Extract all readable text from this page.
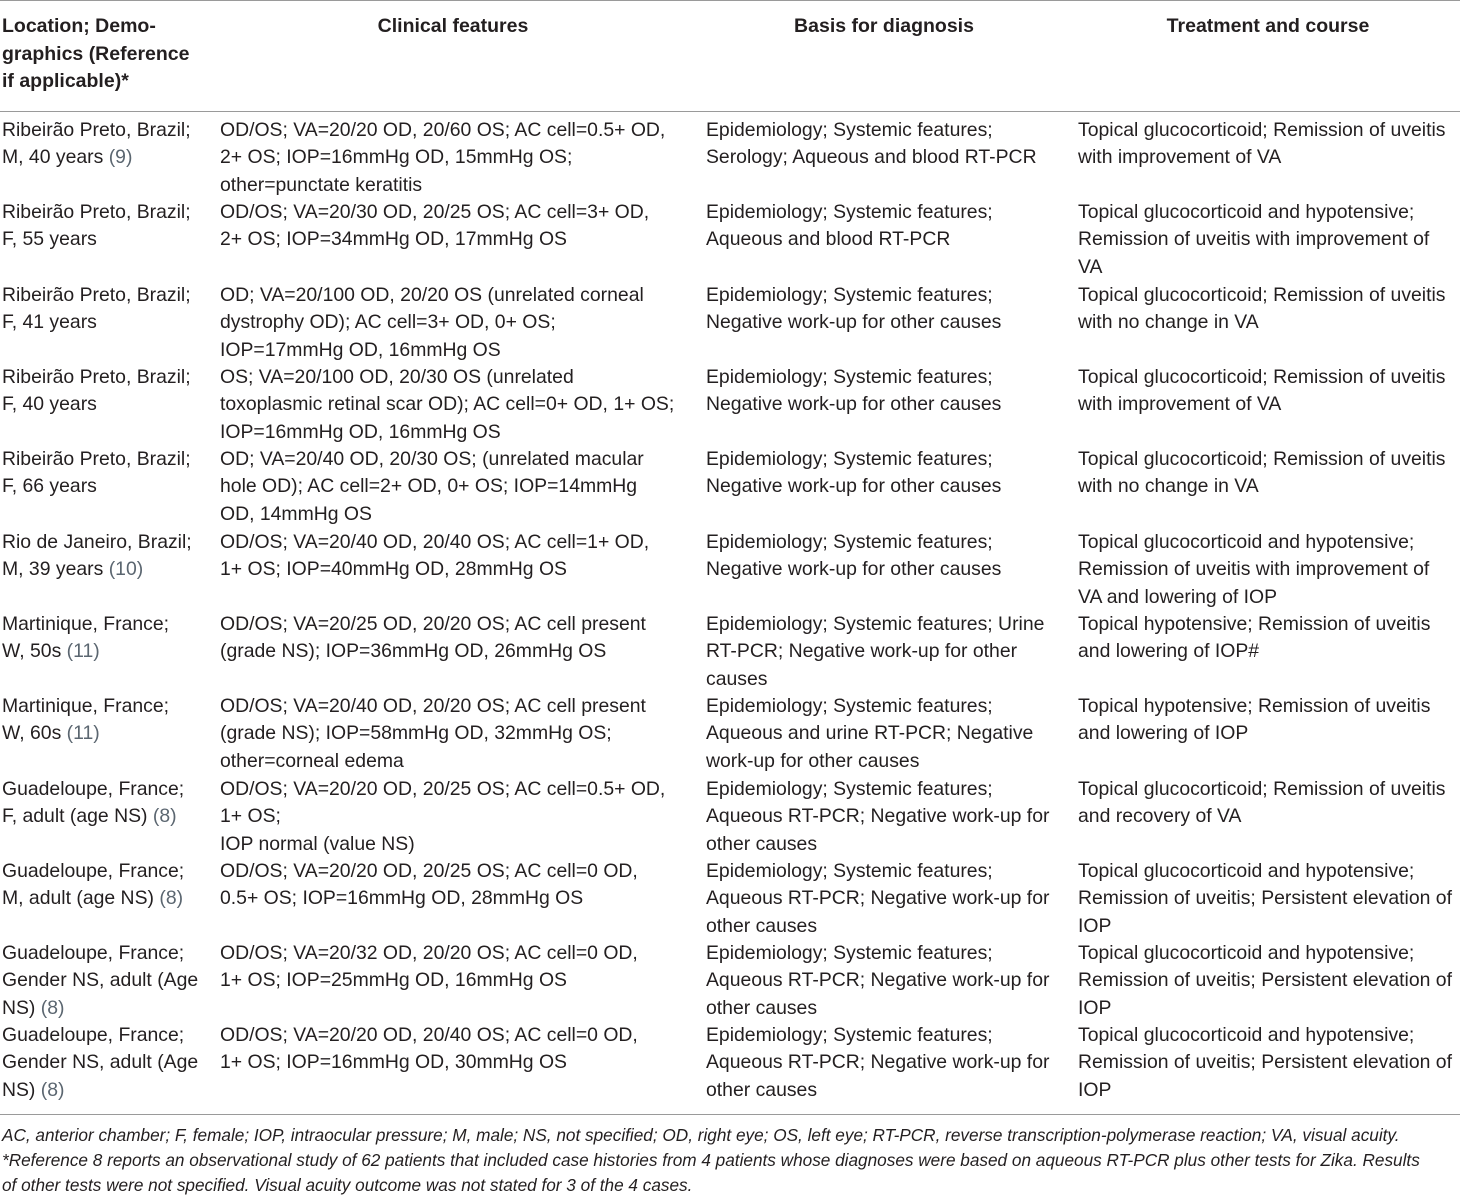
Location; Demo-
graphics (Reference
if applicable)*
Clinical features	Basis for diagnosis	Treatment and course
Ribeirão Preto, Brazil;
M, 40 years (9)
OD/OS; VA=20/20 OD, 20/60 OS; AC cell=0.5+ OD,
2+ OS; IOP=16mmHg OD, 15mmHg OS;
other=punctate keratitis
Epidemiology; Systemic features;
Serology; Aqueous and blood RT-PCR
Topical glucocorticoid; Remission of uveitis
with improvement of VA
Ribeirão Preto, Brazil;
F, 55 years
OD/OS; VA=20/30 OD, 20/25 OS; AC cell=3+ OD,
2+ OS; IOP=34mmHg OD, 17mmHg OS
Epidemiology; Systemic features;
Aqueous and blood RT-PCR
Topical glucocorticoid and hypotensive;
Remission of uveitis with improvement of
VA
Ribeirão Preto, Brazil;
F, 41 years
OD; VA=20/100 OD, 20/20 OS (unrelated corneal
dystrophy OD); AC cell=3+ OD, 0+ OS;
IOP=17mmHg OD, 16mmHg OS
Epidemiology; Systemic features;
Negative work-up for other causes
Topical glucocorticoid; Remission of uveitis
with no change in VA
Ribeirão Preto, Brazil;
F, 40 years
OS; VA=20/100 OD, 20/30 OS (unrelated
toxoplasmic retinal scar OD); AC cell=0+ OD, 1+ OS;
IOP=16mmHg OD, 16mmHg OS
Epidemiology; Systemic features;
Negative work-up for other causes
Topical glucocorticoid; Remission of uveitis
with improvement of VA
Ribeirão Preto, Brazil;
F, 66 years
OD; VA=20/40 OD, 20/30 OS; (unrelated macular
hole OD); AC cell=2+ OD, 0+ OS; IOP=14mmHg
OD, 14mmHg OS
Epidemiology; Systemic features;
Negative work-up for other causes
Topical glucocorticoid; Remission of uveitis
with no change in VA
Rio de Janeiro, Brazil;
M, 39 years (10)
OD/OS; VA=20/40 OD, 20/40 OS; AC cell=1+ OD,
1+ OS; IOP=40mmHg OD, 28mmHg OS
Epidemiology; Systemic features;
Negative work-up for other causes
Topical glucocorticoid and hypotensive;
Remission of uveitis with improvement of
VA and lowering of IOP
Martinique, France;
W, 50s (11)
OD/OS; VA=20/25 OD, 20/20 OS; AC cell present
(grade NS); IOP=36mmHg OD, 26mmHg OS
Epidemiology; Systemic features; Urine
RT-PCR; Negative work-up for other
causes
Topical hypotensive; Remission of uveitis
and lowering of IOP#
Martinique, France;
W, 60s (11)
OD/OS; VA=20/40 OD, 20/20 OS; AC cell present
(grade NS); IOP=58mmHg OD, 32mmHg OS;
other=corneal edema
Epidemiology; Systemic features;
Aqueous and urine RT-PCR; Negative
work-up for other causes
Topical hypotensive; Remission of uveitis
and lowering of IOP
Guadeloupe, France;
F, adult (age NS) (8)
OD/OS; VA=20/20 OD, 20/25 OS; AC cell=0.5+ OD,
1+ OS;
IOP normal (value NS)
Epidemiology; Systemic features;
Aqueous RT-PCR; Negative work-up for
other causes
Topical glucocorticoid; Remission of uveitis
and recovery of VA
Guadeloupe, France;
M, adult (age NS) (8)
OD/OS; VA=20/20 OD, 20/25 OS; AC cell=0 OD,
0.5+ OS; IOP=16mmHg OD, 28mmHg OS
Epidemiology; Systemic features;
Aqueous RT-PCR; Negative work-up for
other causes
Topical glucocorticoid and hypotensive;
Remission of uveitis; Persistent elevation of
IOP
Guadeloupe, France;
Gender NS, adult (Age
NS) (8)
OD/OS; VA=20/32 OD, 20/20 OS; AC cell=0 OD,
1+ OS; IOP=25mmHg OD, 16mmHg OS
Epidemiology; Systemic features;
Aqueous RT-PCR; Negative work-up for
other causes
Topical glucocorticoid and hypotensive;
Remission of uveitis; Persistent elevation of
IOP
Guadeloupe, France;
Gender NS, adult (Age
NS) (8)
OD/OS; VA=20/20 OD, 20/40 OS; AC cell=0 OD,
1+ OS; IOP=16mmHg OD, 30mmHg OS
Epidemiology; Systemic features;
Aqueous RT-PCR; Negative work-up for
other causes
Topical glucocorticoid and hypotensive;
Remission of uveitis; Persistent elevation of
IOP
AC, anterior chamber; F, female; IOP, intraocular pressure; M, male; NS, not specified; OD, right eye; OS, left eye; RT-PCR, reverse transcription-polymerase reaction; VA, visual acuity.
*Reference 8 reports an observational study of 62 patients that included case histories from 4 patients whose diagnoses were based on aqueous RT-PCR plus other tests for Zika. Results
of other tests were not specified. Visual acuity outcome was not stated for 3 of the 4 cases.
